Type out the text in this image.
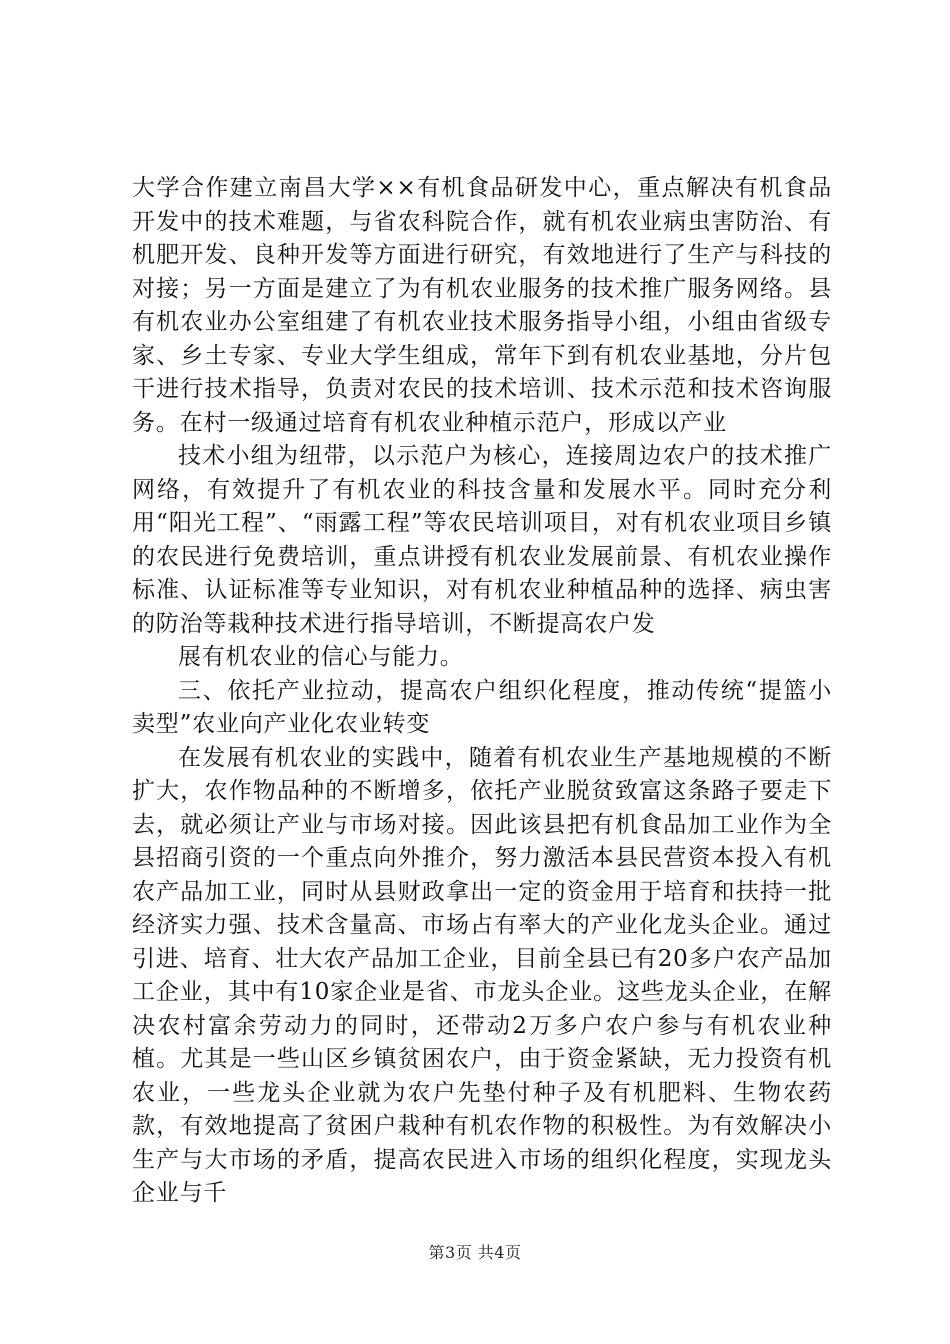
大学合作建立南昌大学××有机食品研发中心，重点解决有机食品开发中的技术难题，与省农科院合作，就有机农业病虫害防治、有机肥开发、良种开发等方面进行研究，有效地进行了生产与科技的对接；另一方面是建立了为有机农业服务的技术推广服务网络。县有机农业办公室组建了有机农业技术服务指导小组，小组由省级专家、乡土专家、专业大学生组成，常年下到有机农业基地，分片包干进行技术指导，负责对农民的技术培训、技术示范和技术咨询服务。在村一级通过培育有机农业种植示范户，形成以产业

技术小组为纽带，以示范户为核心，连接周边农户的技术推广网络，有效提升了有机农业的科技含量和发展水平。同时充分利用“阳光工程”、“雨露工程”等农民培训项目，对有机农业项目乡镇的农民进行免费培训，重点讲授有机农业发展前景、有机农业操作标准、认证标准等专业知识，对有机农业种植品种的选择、病虫害的防治等栽种技术进行指导培训，不断提高农户发

展有机农业的信心与能力。

三、依托产业拉动，提高农户组织化程度，推动传统“提篮小卖型”农业向产业化农业转变

在发展有机农业的实践中，随着有机农业生产基地规模的不断扩大，农作物品种的不断增多，依托产业脱贫致富这条路子要走下去，就必须让产业与市场对接。因此该县把有机食品加工业作为全县招商引资的一个重点向外推介，努力激活本县民营资本投入有机农产品加工业，同时从县财政拿出一定的资金用于培育和扶持一批经济实力强、技术含量高、市场占有率大的产业化龙头企业。通过引进、培育、壮大农产品加工企业，目前全县已有20多户农产品加工企业，其中有10家企业是省、市龙头企业。这些龙头企业，在解决农村富余劳动力的同时，还带动2万多户农户参与有机农业种植。尤其是一些山区乡镇贫困农户，由于资金紧缺，无力投资有机农业，一些龙头企业就为农户先垫付种子及有机肥料、生物农药款，有效地提高了贫困户栽种有机农作物的积极性。为有效解决小生产与大市场的矛盾，提高农民进入市场的组织化程度，实现龙头企业与千

第3页 共4页
